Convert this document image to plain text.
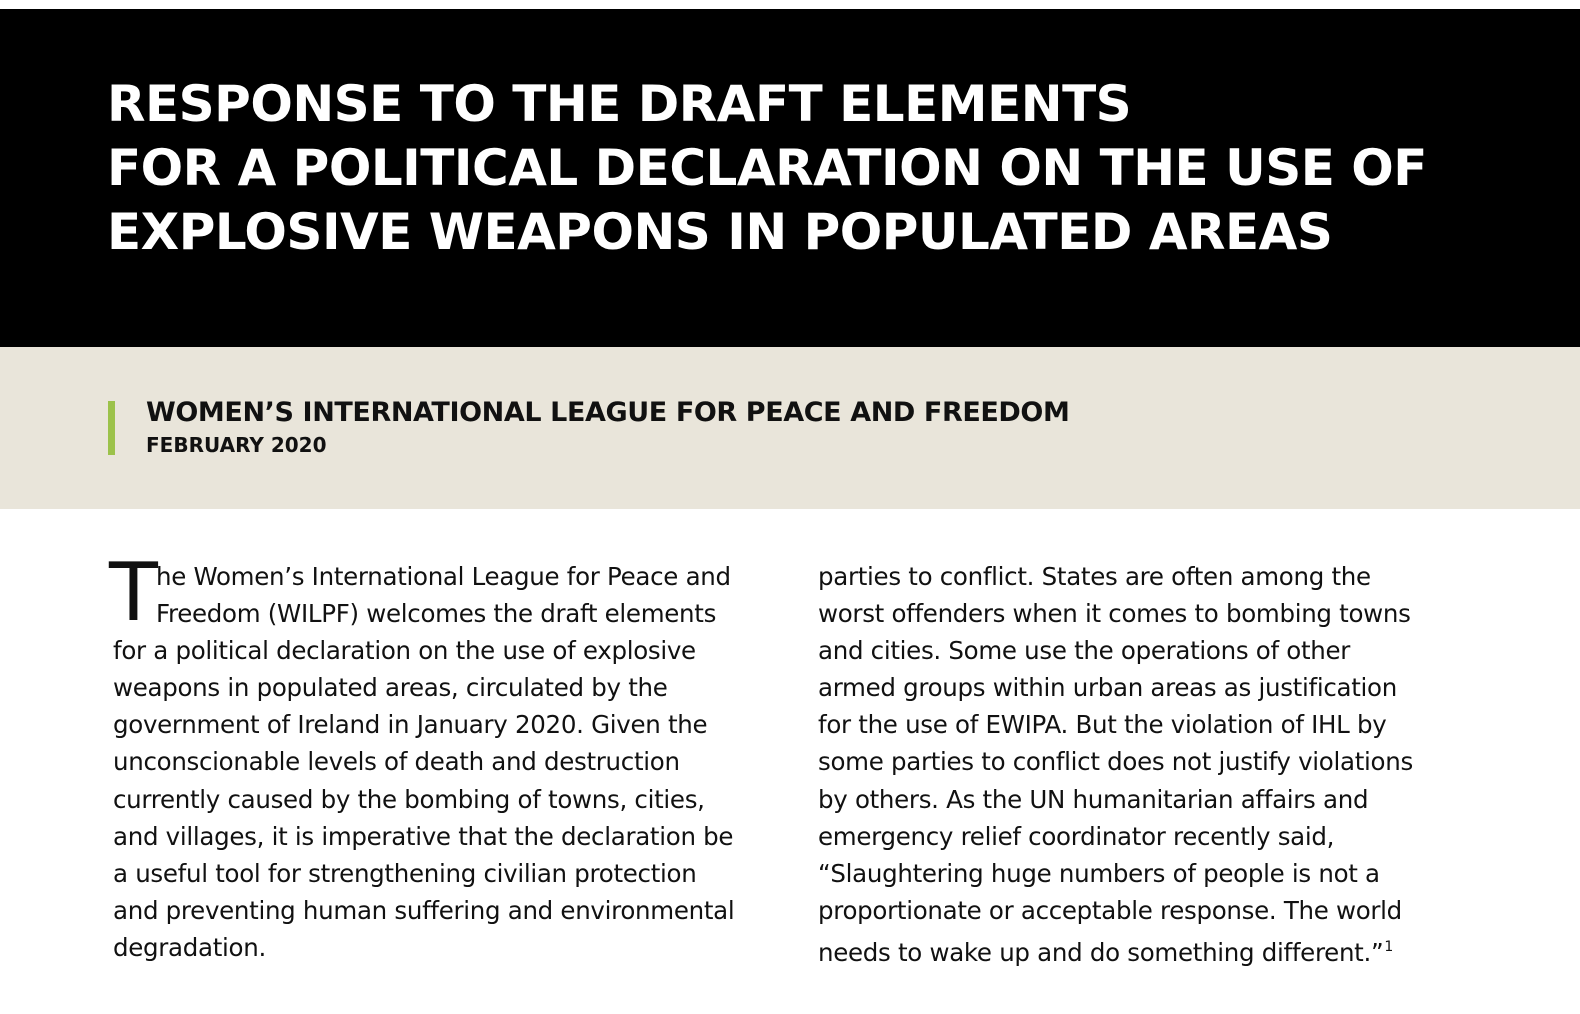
RESPONSE TO THE DRAFT ELEMENTS
FOR A POLITICAL DECLARATION ON THE USE OF
EXPLOSIVE WEAPONS IN POPULATED AREAS

WOMEN’S INTERNATIONAL LEAGUE FOR PEACE AND FREEDOM

FEBRUARY 2020

T
he Women’s International League for Peace and
Freedom (WILPF) welcomes the draft elements
for a political declaration on the use of explosive
weapons in populated areas, circulated by the
government of Ireland in January 2020. Given the
unconscionable levels of death and destruction
currently caused by the bombing of towns, cities,
and villages, it is imperative that the declaration be
a useful tool for strengthening civilian protection
and preventing human suffering and environmental
degradation.
parties to conflict. States are often among the
worst offenders when it comes to bombing towns
and cities. Some use the operations of other
armed groups within urban areas as justification
for the use of EWIPA. But the violation of IHL by
some parties to conflict does not justify violations
by others. As the UN humanitarian affairs and
emergency relief coordinator recently said,
“Slaughtering huge numbers of people is not a
proportionate or acceptable response. The world
needs to wake up and do something different.”$^1$
